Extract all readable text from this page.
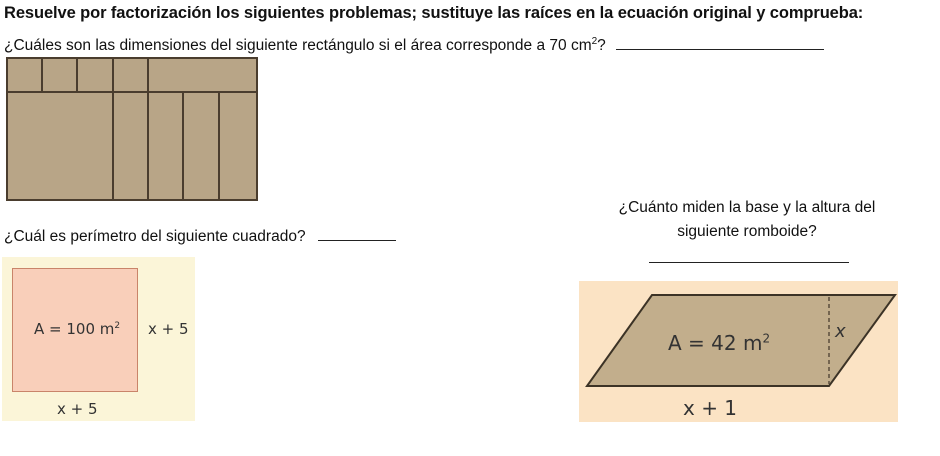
Resuelve por factorización los siguientes problemas; sustituye las raíces en la ecuación original y comprueba:
¿Cuáles son las dimensiones del siguiente rectángulo si el área corresponde a 70 $cm^2$?
¿Cuál es perímetro del siguiente cuadrado?
A = 100 $m^2$ x + 5
x + 5
¿Cuánto miden la base y la altura del
siguiente romboide?
A = 42 $m^2$	x
x + 1
